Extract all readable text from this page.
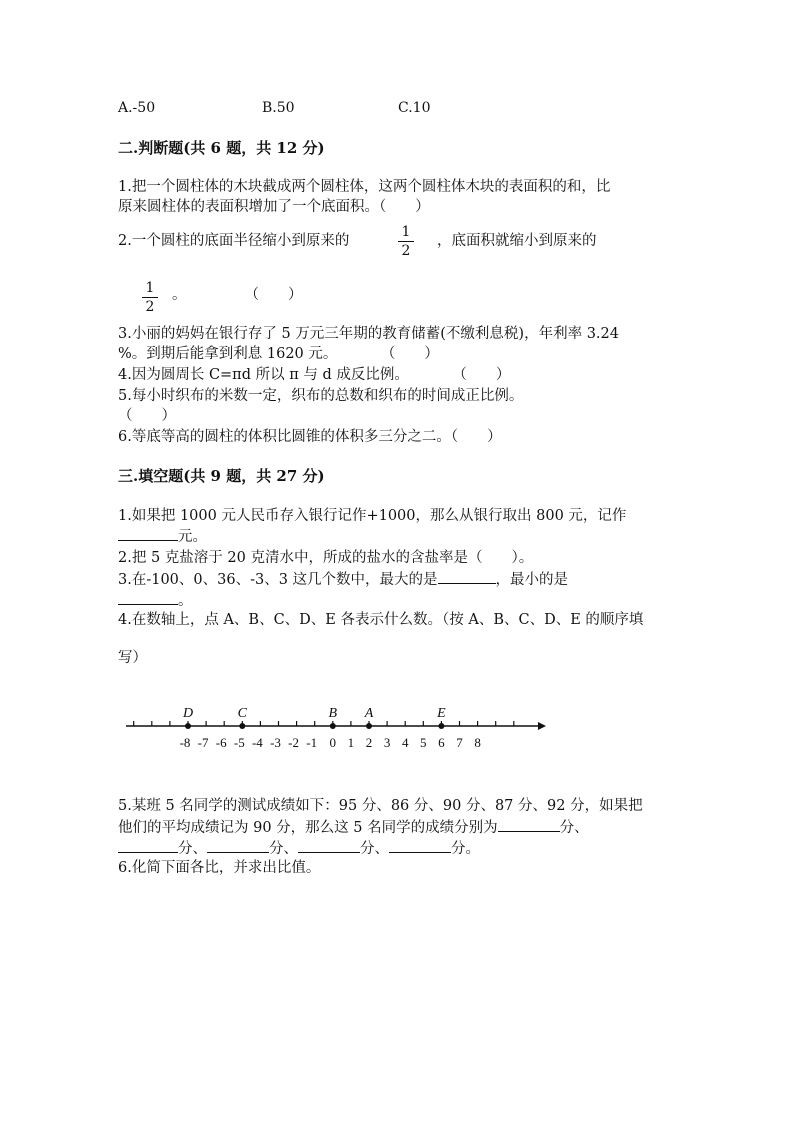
A.-50	B.50	C.10
二.判断题(共 6 题，共 12 分)
1.把一个圆柱体的木块截成两个圆柱体，这两个圆柱体木块的表面积的和，比
原来圆柱体的表面积增加了一个底面积。（　　）
2.一个圆柱的底面半径缩小到原来的
1
2
，底面积就缩小到原来的
1
2
。　　　　　（　　）
3.小丽的妈妈在银行存了 5 万元三年期的教育储蓄(不缴利息税)，年利率 3.24
%。到期后能拿到利息 1620 元。　　　　（　　）
4.因为圆周长 C=πd 所以 π 与 d 成反比例。　　　　（　　）
5.每小时织布的米数一定，织布的总数和织布的时间成正比例。
（　　）
6.等底等高的圆柱的体积比圆锥的体积多三分之二。（　　）
三.填空题(共 9 题，共 27 分)
1.如果把 1000 元人民币存入银行记作+1000，那么从银行取出 800 元，记作
元。
2.把 5 克盐溶于 20 克清水中，所成的盐水的含盐率是（　　）。
3.在-100、0、36、-3、3 这几个数中，最大的是	，最小的是
。
4.在数轴上，点 A、B、C、D、E 各表示什么数。（按 A、B、C、D、E 的顺序填
写）
D	C	B A	E
-8 -7 -6 -5 -4 -3 -2 -1 0 1 2 3 4 5 6 7 8
5.某班 5 名同学的测试成绩如下：95 分、86 分、90 分、87 分、92 分，如果把
他们的平均成绩记为 90 分，那么这 5 名同学的成绩分别为	分、
分、	分、	分、	分。
6.化简下面各比，并求出比值。
